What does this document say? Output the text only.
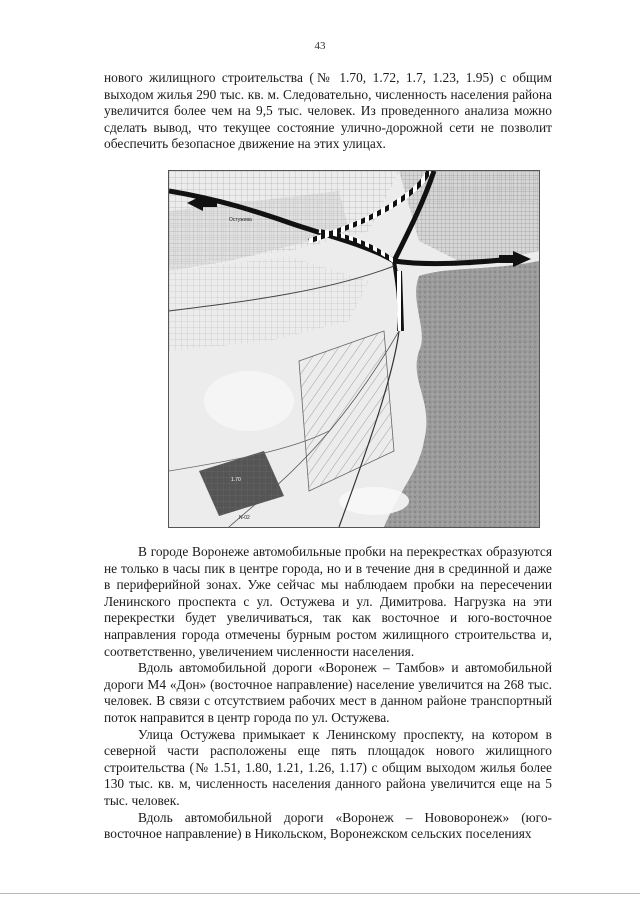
43

нового жилищного строительства (№ 1.70, 1.72, 1.7, 1.23, 1.95) с общим выходом жилья 290 тыс. кв. м. Следовательно, численность населения района увеличится более чем на 9,5 тыс. человек. Из проведенного анализа можно сделать вывод, что текущее состояние улично-дорожной сети не позволит обеспечить безопасное движение на этих улицах.

Остужева
N-02
1.70

В городе Воронеже автомобильные пробки на перекрестках образуются не только в часы пик в центре города, но и в течение дня в срединной и даже в периферийной зонах. Уже сейчас мы наблюдаем пробки на пересечении Ленинского проспекта с ул. Остужева и ул. Димитрова. Нагрузка на эти перекрестки будет увеличиваться, так как восточное и юго-восточное направления города отмечены бурным ростом жилищного строительства и, соответственно, увеличением численности населения.

Вдоль автомобильной дороги «Воронеж – Тамбов» и автомобильной дороги М4 «Дон» (восточное направление) население увеличится на 268 тыс. человек. В связи с отсутствием рабочих мест в данном районе транспортный поток направится в центр города по ул. Остужева.

Улица Остужева примыкает к Ленинскому проспекту, на котором в северной части расположены еще пять площадок нового жилищного строительства (№ 1.51, 1.80, 1.21, 1.26, 1.17) с общим выходом жилья более 130 тыс. кв. м, численность населения данного района увеличится еще на 5 тыс. человек.

Вдоль автомобильной дороги «Воронеж – Нововоронеж» (юго-восточное направление) в Никольском, Воронежском сельских поселениях
